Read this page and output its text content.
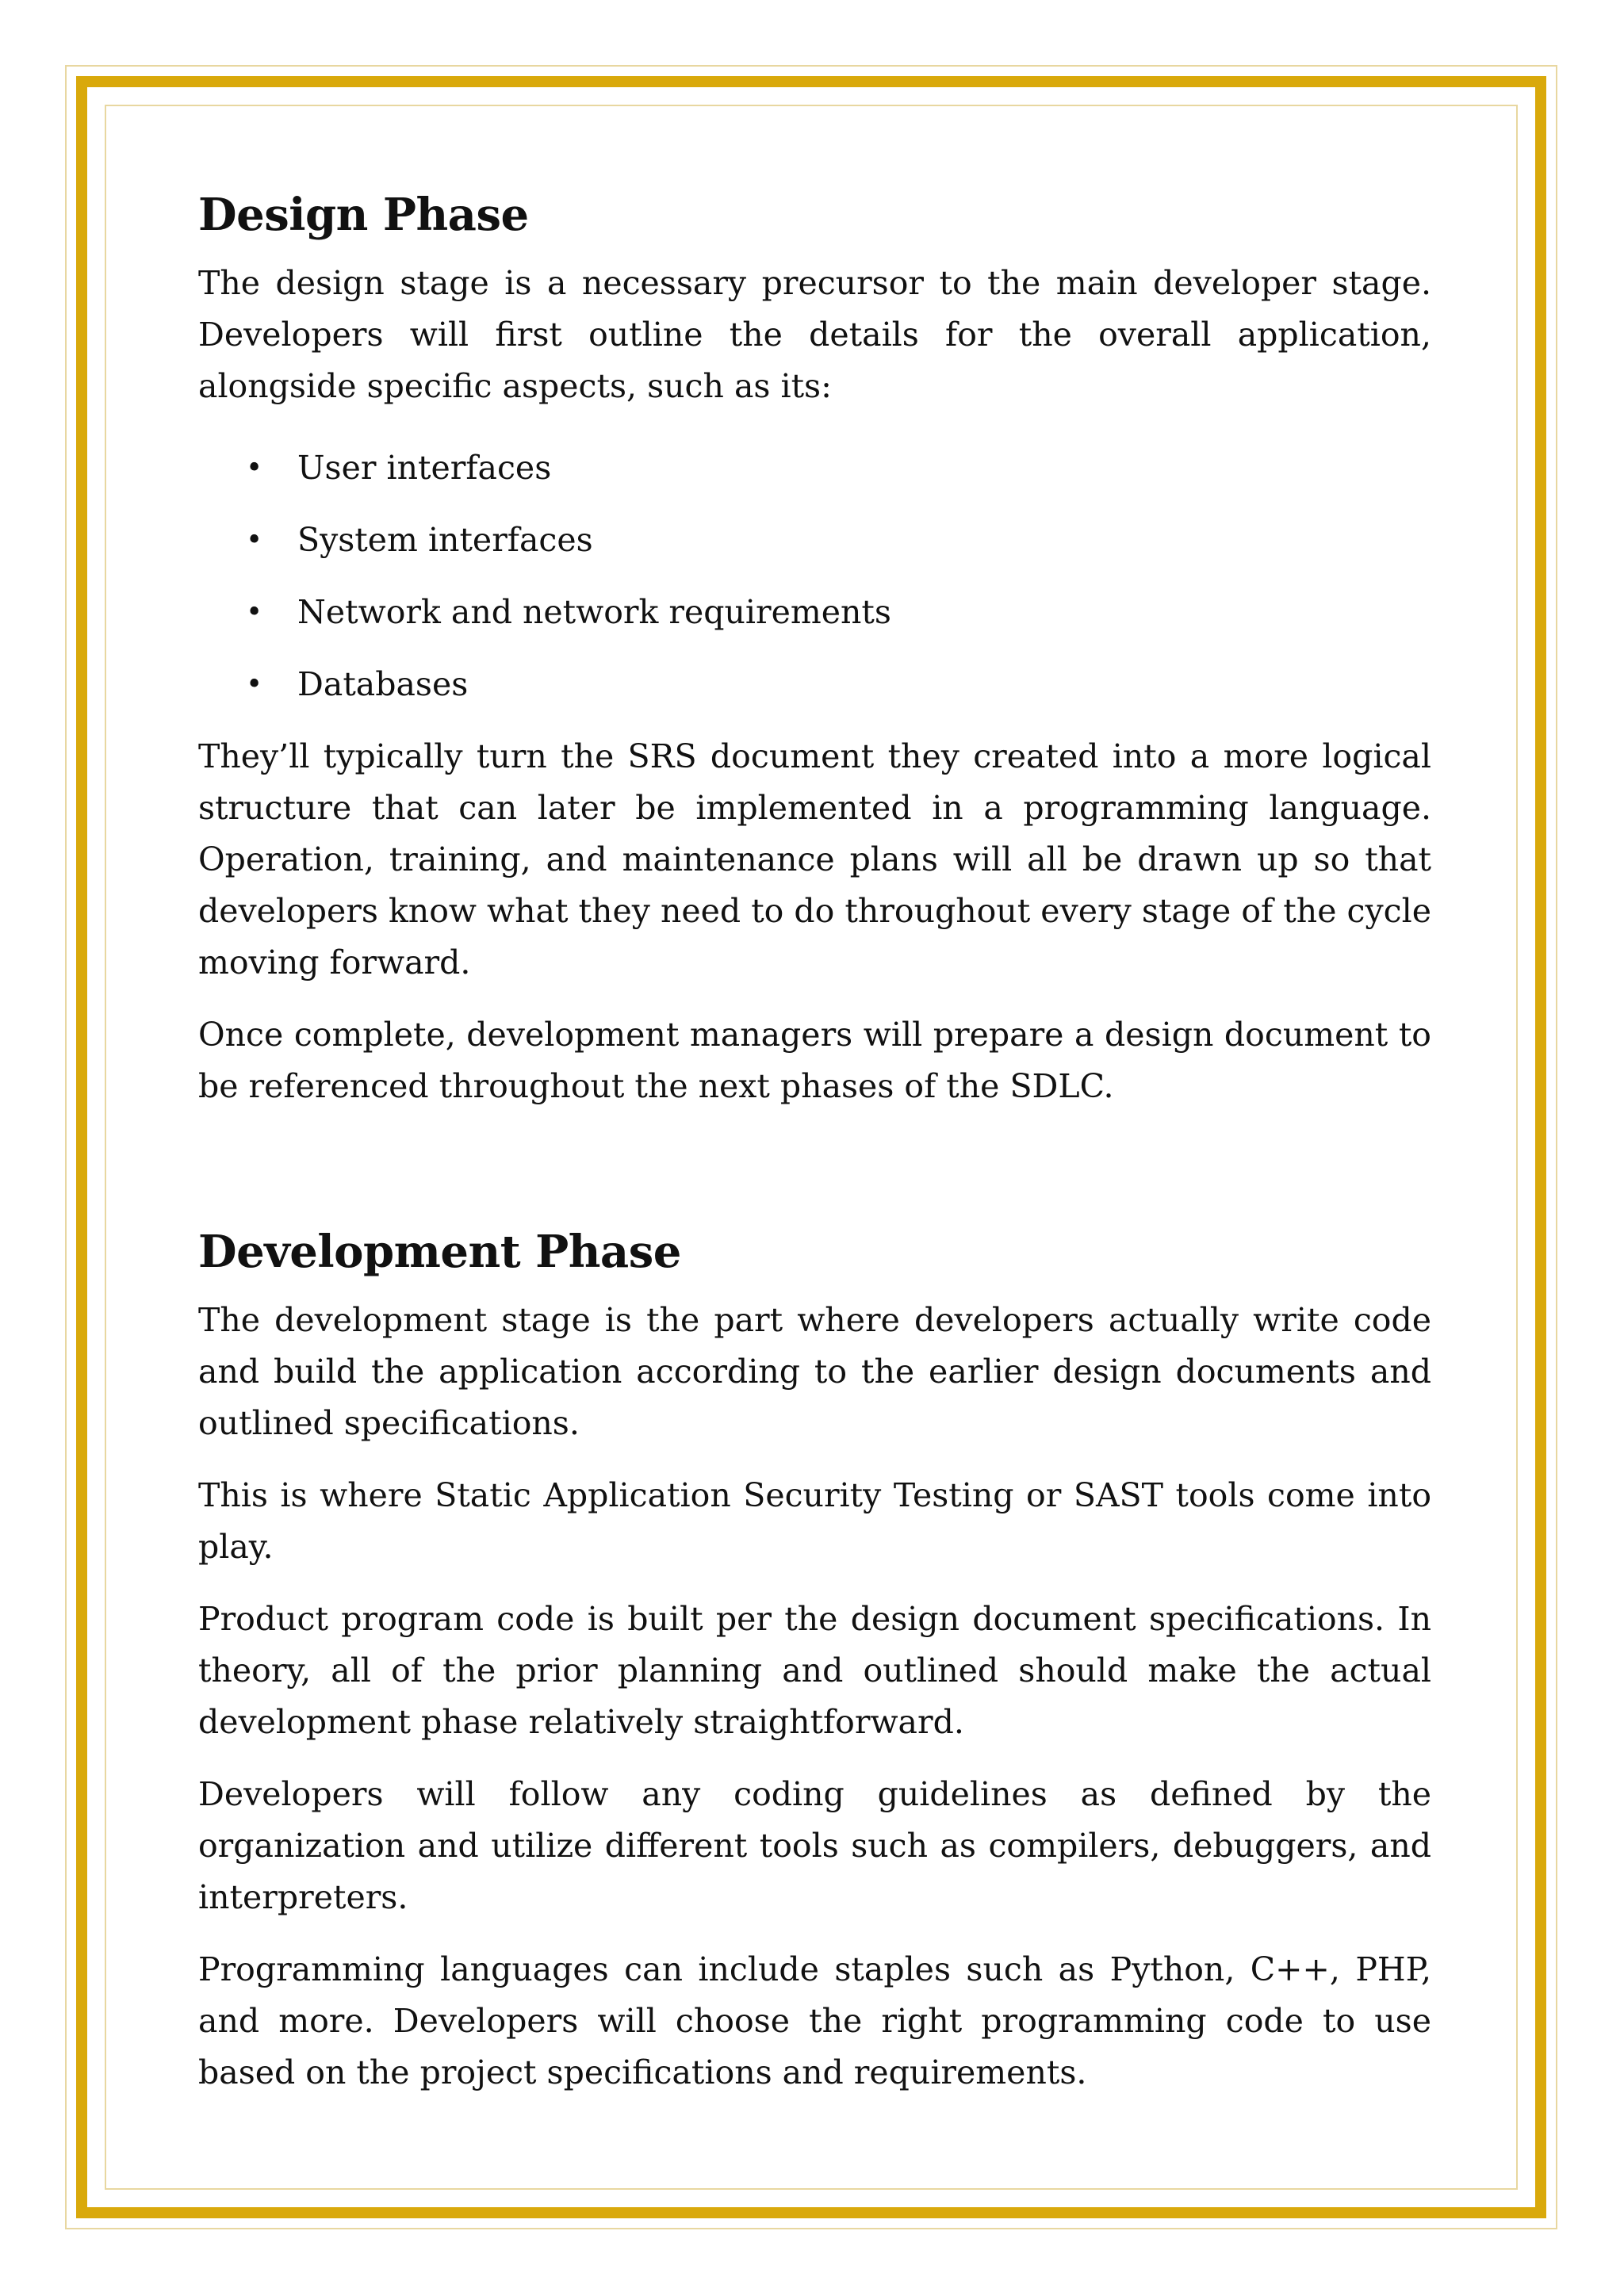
Design Phase

The design stage is a necessary precursor to the main developer stage. Developers will first outline the details for the overall application, alongside specific aspects, such as its:

• User interfaces
• System interfaces
• Network and network requirements
• Databases

They’ll typically turn the SRS document they created into a more logical structure that can later be implemented in a programming language. Operation, training, and maintenance plans will all be drawn up so that developers know what they need to do throughout every stage of the cycle moving forward.

Once complete, development managers will prepare a design document to be referenced throughout the next phases of the SDLC.

Development Phase

The development stage is the part where developers actually write code and build the application according to the earlier design documents and outlined specifications.

This is where Static Application Security Testing or SAST tools come into play.

Product program code is built per the design document specifications. In theory, all of the prior planning and outlined should make the actual development phase relatively straightforward.

Developers will follow any coding guidelines as defined by the organization and utilize different tools such as compilers, debuggers, and interpreters.

Programming languages can include staples such as Python, C++, PHP, and more. Developers will choose the right programming code to use based on the project specifications and requirements.
